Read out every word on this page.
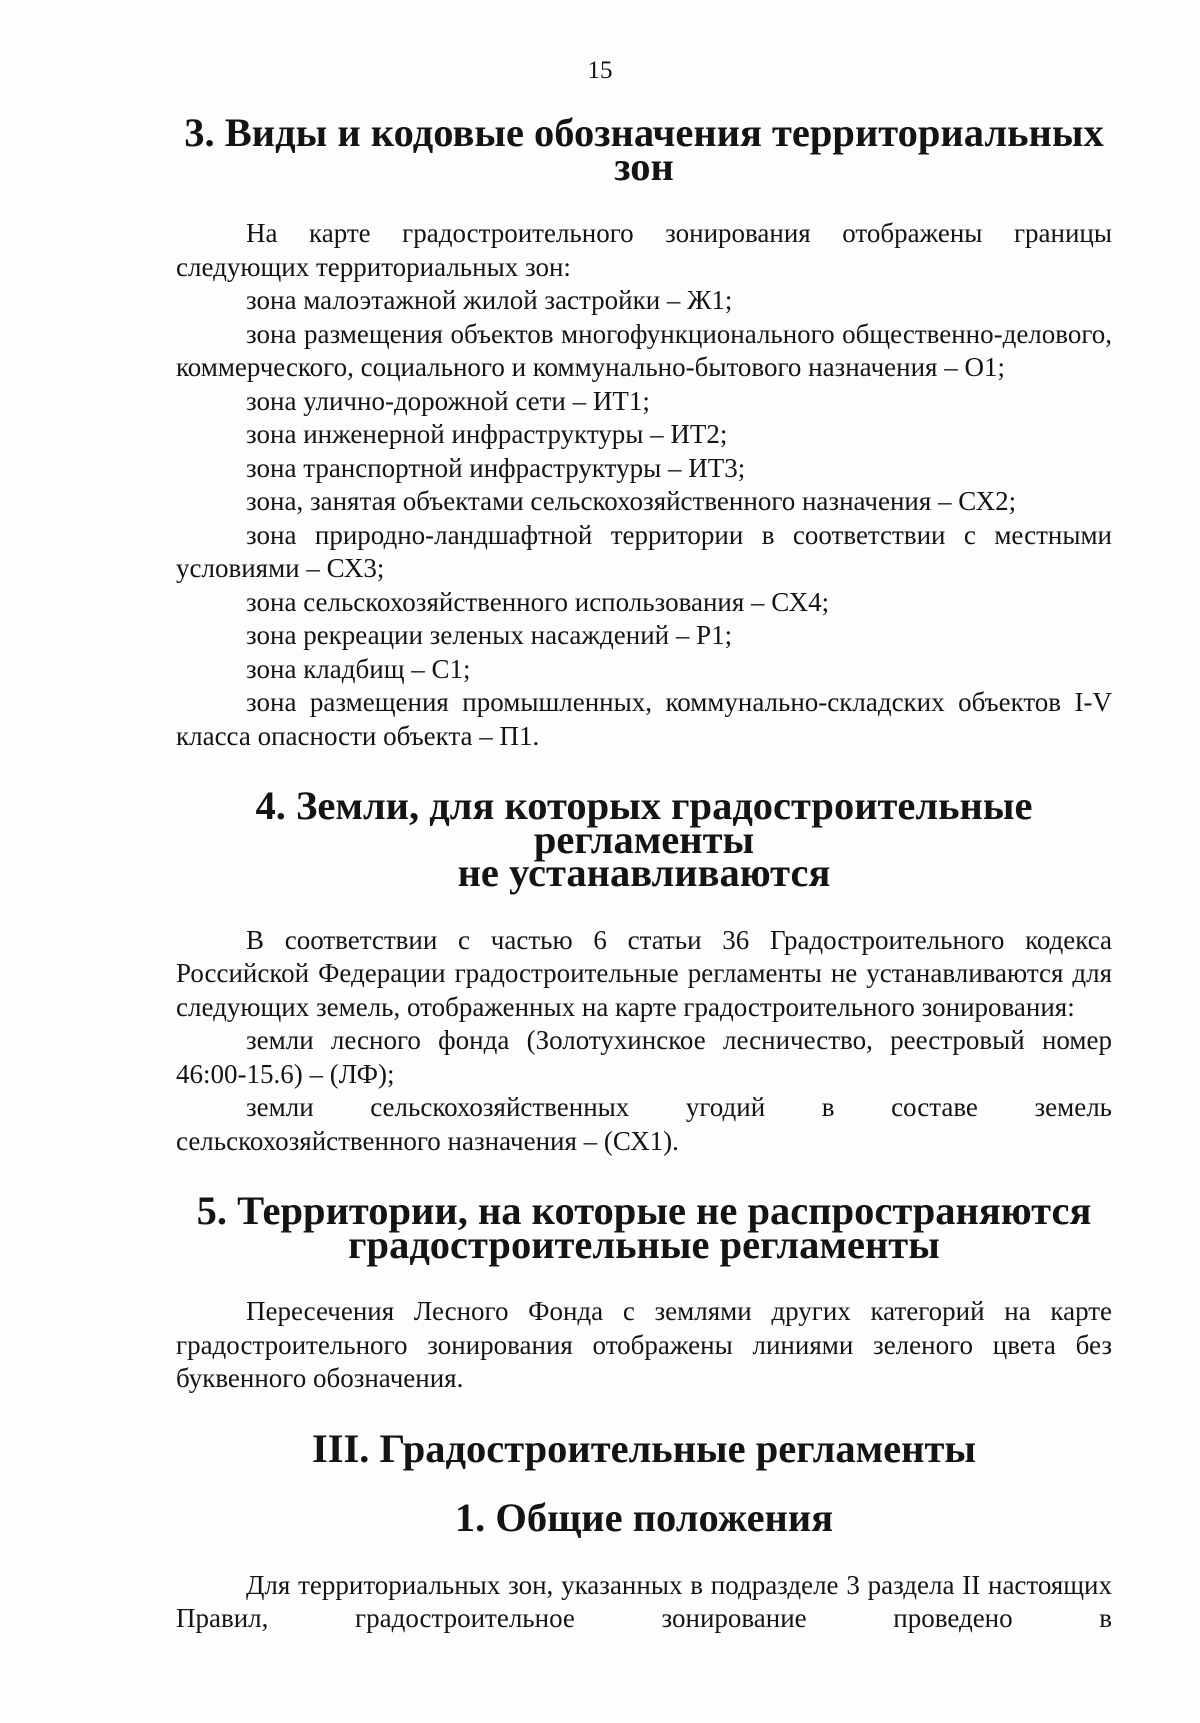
15
3. Виды и кодовые обозначения территориальных зон

На карте градостроительного зонирования отображены границы следующих территориальных зон:

зона малоэтажной жилой застройки – Ж1;

зона размещения объектов многофункционального общественно-делового, коммерческого, социального и коммунально-бытового назначения – О1;

зона улично-дорожной сети – ИТ1;

зона инженерной инфраструктуры – ИТ2;

зона транспортной инфраструктуры – ИТ3;

зона, занятая объектами сельскохозяйственного назначения – СХ2;

зона природно-ландшафтной территории в соответствии с местными условиями – СХ3;

зона сельскохозяйственного использования – СХ4;

зона рекреации зеленых насаждений – Р1;

зона кладбищ – С1;

зона размещения промышленных, коммунально-складских объектов I-V класса опасности объекта – П1.

4. Земли, для которых градостроительные регламенты
не устанавливаются

В соответствии с частью 6 статьи 36 Градостроительного кодекса Российской Федерации градостроительные регламенты не устанавливаются для следующих земель, отображенных на карте градостроительного зонирования:

земли лесного фонда (Золотухинское лесничество, реестровый номер 46:00-15.6) – (ЛФ);

земли сельскохозяйственных угодий в составе земель сельскохозяйственного назначения – (СХ1).

5. Территории, на которые не распространяются
градостроительные регламенты

Пересечения Лесного Фонда с землями других категорий на карте градостроительного зонирования отображены линиями зеленого цвета без буквенного обозначения.

III. Градостроительные регламенты
1. Общие положения

Для территориальных зон, указанных в подразделе 3 раздела II настоящих Правил, градостроительное зонирование проведено в
